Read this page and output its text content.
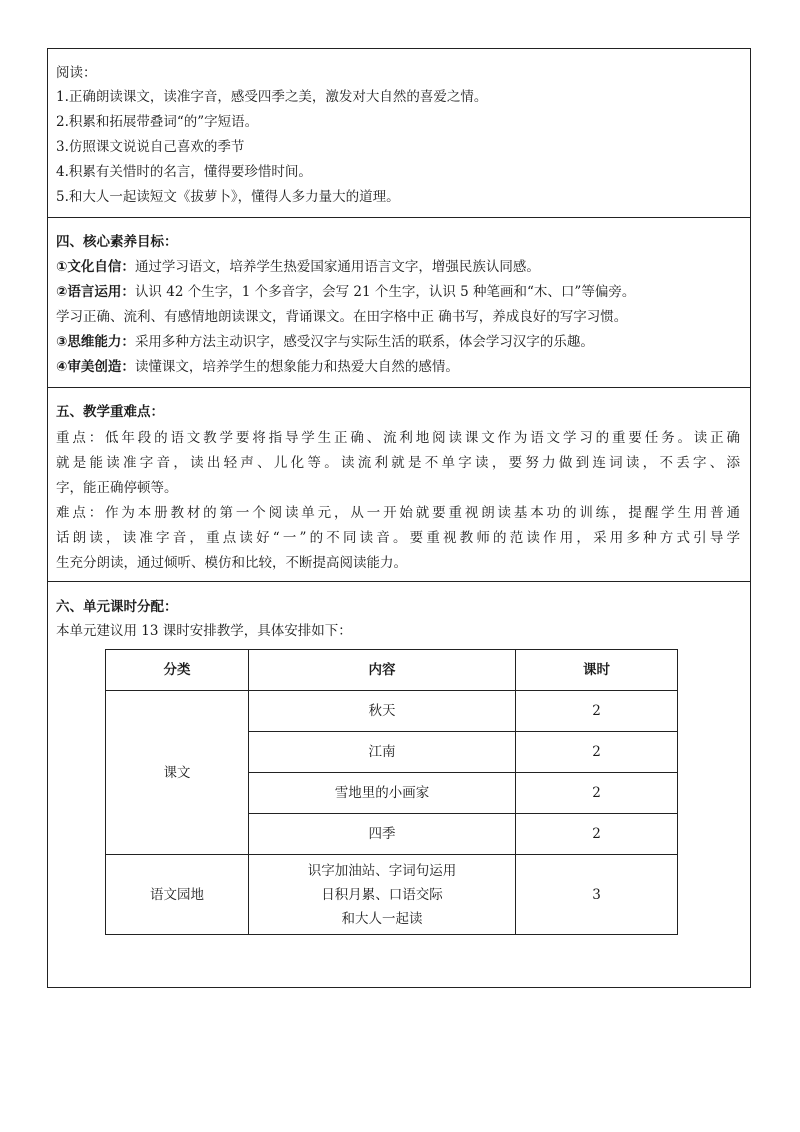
阅读：
1.正确朗读课文，读准字音，感受四季之美，激发对大自然的喜爱之情。
2.积累和拓展带叠词“的”字短语。
3.仿照课文说说自己喜欢的季节
4.积累有关惜时的名言，懂得要珍惜时间。
5.和大人一起读短文《拔萝卜》，懂得人多力量大的道理。
四、核心素养目标：
①文化自信：通过学习语文，培养学生热爱国家通用语言文字，增强民族认同感。
②语言运用：认识 42 个生字，1 个多音字，会写 21 个生字，认识 5 种笔画和“木、口”等偏旁。
学习正确、流利、有感情地朗读课文，背诵课文。在田字格中正 确书写，养成良好的写字习惯。
③思维能力：采用多种方法主动识字，感受汉字与实际生活的联系，体会学习汉字的乐趣。
④审美创造：读懂课文，培养学生的想象能力和热爱大自然的感情。
五、教学重难点：
重点：低年段的语文教学要将指导学生正确、流利地阅读课文作为语文学习的重要任务。读正确
就是能读准字音，读出轻声、儿化等。读流利就是不单字读，要努力做到连词读，不丢字、添
字，能正确停顿等。
难点：作为本册教材的第一个阅读单元，从一开始就要重视朗读基本功的训练，提醒学生用普通
话朗读，读准字音，重点读好“一”的不同读音。要重视教师的范读作用，采用多种方式引导学
生充分朗读，通过倾听、模仿和比较，不断提高阅读能力。
六、单元课时分配：
本单元建议用 13 课时安排教学，具体安排如下：
分类	内容	课时
课文	秋天	2
	江南	2
	雪地里的小画家	2
	四季	2
语文园地	识字加油站、字词句运用
日积月累、口语交际
和大人一起读	3
